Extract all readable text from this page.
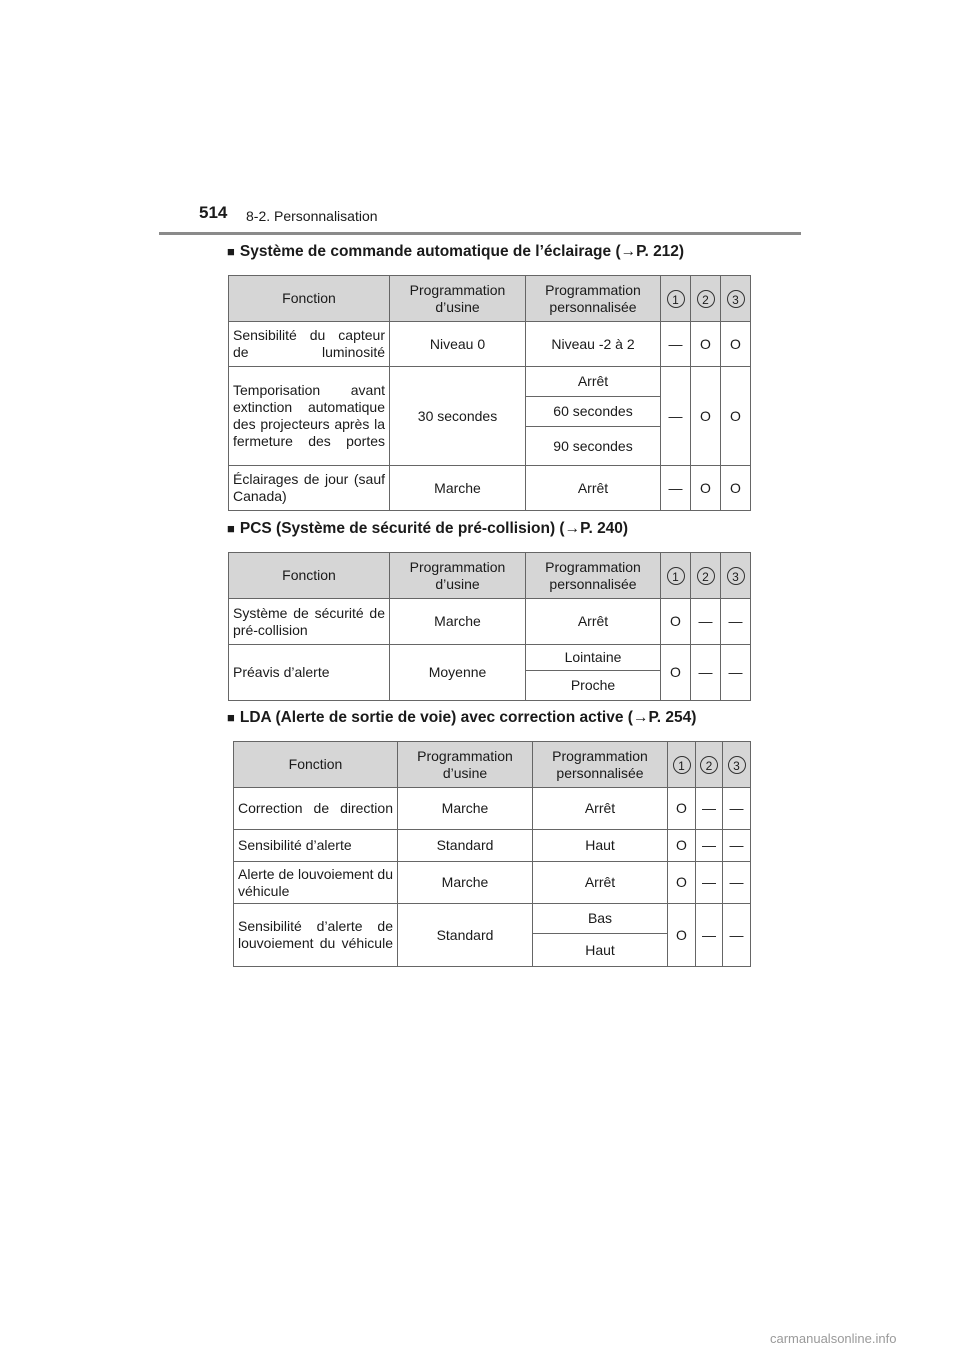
514 8-2. Personnalisation
■ Système de commande automatique de l’éclairage (→P. 212)
Fonction	Programmation d’usine	Programmation personnalisée	1	2	3
Sensibilité du capteur de luminosité	Niveau 0	Niveau -2 à 2	—	O	O
Temporisation avant extinction automatique des projecteurs après la fermeture des portes	30 secondes	Arrêt	—	O	O
		60 secondes			
		90 secondes			
Éclairages de jour (sauf Canada)	Marche	Arrêt	—	O	O
■ PCS (Système de sécurité de pré-collision) (→P. 240)
Fonction	Programmation d’usine	Programmation personnalisée	1	2	3
Système de sécurité de pré-collision	Marche	Arrêt	O	—	—
Préavis d’alerte	Moyenne	Lointaine	O	—	—
		Proche			
■ LDA (Alerte de sortie de voie) avec correction active (→P. 254)
Fonction	Programmation d’usine	Programmation personnalisée	1	2	3
Correction de direction	Marche	Arrêt	O	—	—
Sensibilité d’alerte	Standard	Haut	O	—	—
Alerte de louvoiement du véhicule	Marche	Arrêt	O	—	—
Sensibilité d’alerte de louvoiement du véhicule	Standard	Bas	O	—	—
		Haut			
carmanualsonline.info
